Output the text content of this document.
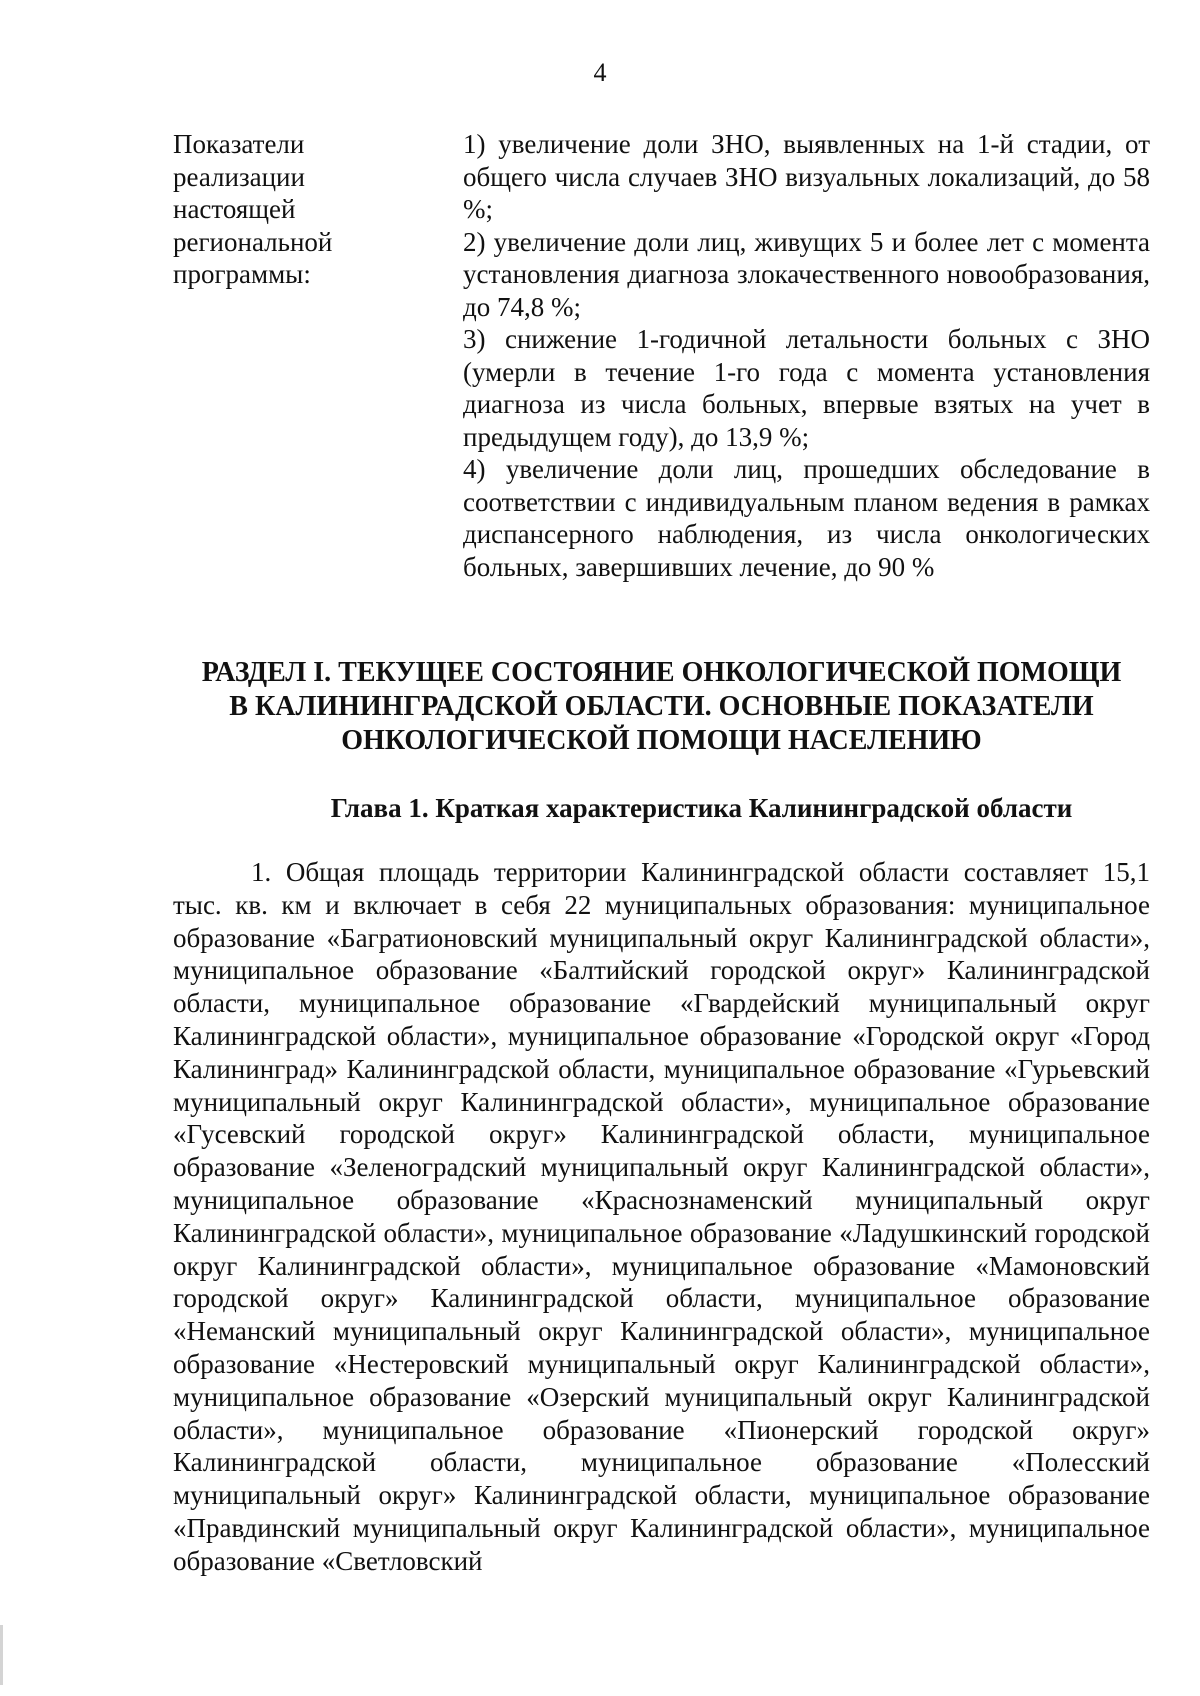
4
Показатели
реализации
настоящей
региональной
программы:

1) увеличение доли ЗНО, выявленных на 1-й стадии, от общего числа случаев ЗНО визуальных локализаций, до 58 %;

2) увеличение доли лиц, живущих 5 и более лет с момента установления диагноза злокачественного новообразования, до 74,8 %;

3) снижение 1-годичной летальности больных с ЗНО (умерли в течение 1-го года с момента установления диагноза из числа больных, впервые взятых на учет в предыдущем году), до 13,9 %;

4) увеличение доли лиц, прошедших обследование в соответствии с индивидуальным планом ведения в рамках диспансерного наблюдения, из числа онкологических больных, завершивших лечение, до 90 %

РАЗДЕЛ I. ТЕКУЩЕЕ СОСТОЯНИЕ ОНКОЛОГИЧЕСКОЙ ПОМОЩИ
В КАЛИНИНГРАДСКОЙ ОБЛАСТИ. ОСНОВНЫЕ ПОКАЗАТЕЛИ
ОНКОЛОГИЧЕСКОЙ ПОМОЩИ НАСЕЛЕНИЮ
Глава 1. Краткая характеристика Калининградской области

1. Общая площадь территории Калининградской области составляет 15,1 тыс. кв. км и включает в себя 22 муниципальных образования: муниципальное образование «Багратионовский муниципальный округ Калининградской области», муниципальное образование «Балтийский городской округ» Калининградской области, муниципальное образование «Гвардейский муниципальный округ Калининградской области», муниципальное образование «Городской округ «Город Калининград» Калининградской области, муниципальное образование «Гурьевский муниципальный округ Калининградской области», муниципальное образование «Гусевский городской округ» Калининградской области, муниципальное образование «Зеленоградский муниципальный округ Калининградской области», муниципальное образование «Краснознаменский муниципальный округ Калининградской области», муниципальное образование «Ладушкинский городской округ Калининградской области», муниципальное образование «Мамоновский городской округ» Калининградской области, муниципальное образование «Неманский муниципальный округ Калининградской области», муниципальное образование «Нестеровский муниципальный округ Калининградской области», муниципальное образование «Озерский муниципальный округ Калининградской области», муниципальное образование «Пионерский городской округ» Калининградской области, муниципальное образование «Полесский муниципальный округ» Калининградской области, муниципальное образование «Правдинский муниципальный округ Калининградской области», муниципальное образование «Светловский
